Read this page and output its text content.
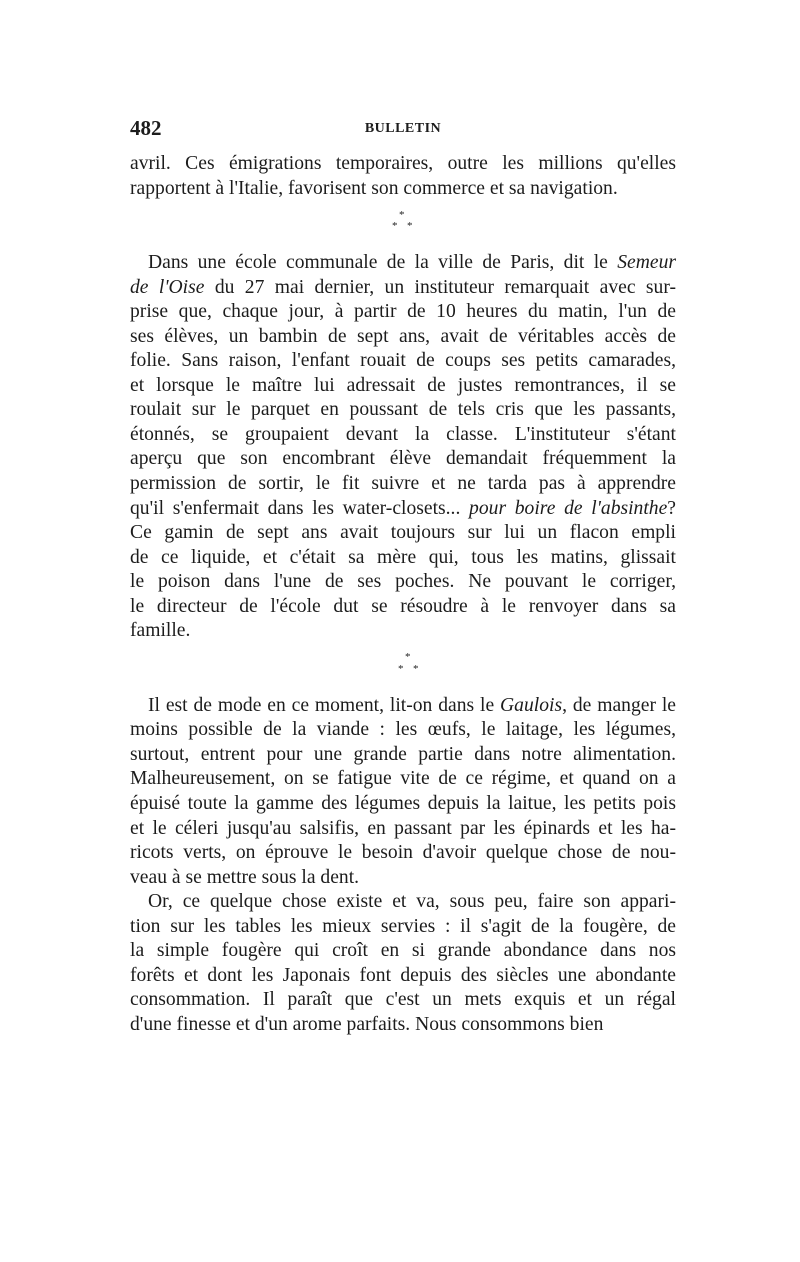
482	BULLETIN
avril. Ces émigrations temporaires, outre les millions qu'elles
rapportent à l'Italie, favorisent son commerce et sa navigation.
*
* *
Dans une école communale de la ville de Paris, dit le Semeur
de l'Oise du 27 mai dernier, un instituteur remarquait avec sur-
prise que, chaque jour, à partir de 10 heures du matin, l'un de
ses élèves, un bambin de sept ans, avait de véritables accès de
folie. Sans raison, l'enfant rouait de coups ses petits camarades,
et lorsque le maître lui adressait de justes remontrances, il se
roulait sur le parquet en poussant de tels cris que les passants,
étonnés, se groupaient devant la classe. L'instituteur s'étant
aperçu que son encombrant élève demandait fréquemment la
permission de sortir, le fit suivre et ne tarda pas à apprendre
qu'il s'enfermait dans les water-closets... pour boire de l'absinthe?
Ce gamin de sept ans avait toujours sur lui un flacon empli
de ce liquide, et c'était sa mère qui, tous les matins, glissait
le poison dans l'une de ses poches. Ne pouvant le corriger,
le directeur de l'école dut se résoudre à le renvoyer dans sa
famille.
*
* *
Il est de mode en ce moment, lit-on dans le Gaulois, de manger le
moins possible de la viande : les œufs, le laitage, les légumes,
surtout, entrent pour une grande partie dans notre alimentation.
Malheureusement, on se fatigue vite de ce régime, et quand on a
épuisé toute la gamme des légumes depuis la laitue, les petits pois
et le céleri jusqu'au salsifis, en passant par les épinards et les ha-
ricots verts, on éprouve le besoin d'avoir quelque chose de nou-
veau à se mettre sous la dent.
Or, ce quelque chose existe et va, sous peu, faire son appari-
tion sur les tables les mieux servies : il s'agit de la fougère, de
la simple fougère qui croît en si grande abondance dans nos
forêts et dont les Japonais font depuis des siècles une abondante
consommation. Il paraît que c'est un mets exquis et un régal
d'une finesse et d'un arome parfaits. Nous consommons bien
